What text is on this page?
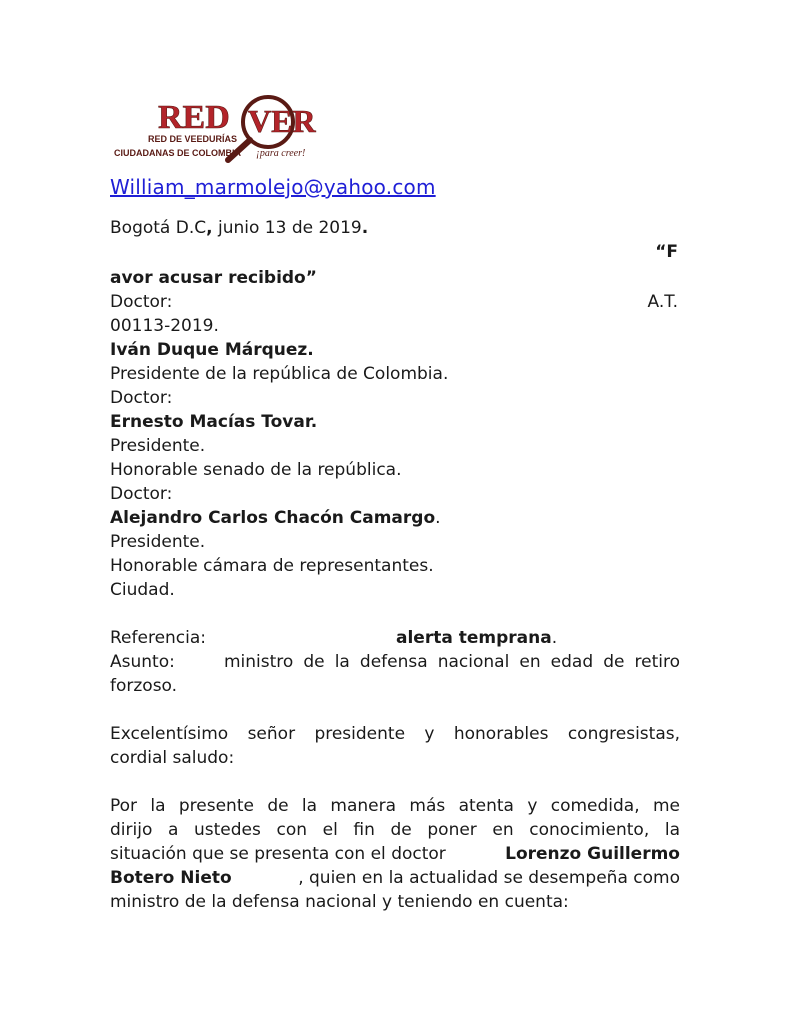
RED VER
RED DE VEEDURÍAS
CIUDADANAS DE COLOMBIA ¡para creer!
William_marmolejo@yahoo.com
Bogotá D.C, junio 13 de 2019.
“F
avor acusar recibido”
Doctor:	A.T.
00113-2019.
Iván Duque Márquez.
Presidente de la república de Colombia.
Doctor:
Ernesto Macías Tovar.
Presidente.
Honorable senado de la república.
Doctor:
Alejandro Carlos Chacón Camargo.
Presidente.
Honorable cámara de representantes.
Ciudad.
Referencia:	alerta temprana.
Asunto:	ministro de la defensa nacional en edad de retiro
forzoso.
Excelentísimo señor presidente y honorables congresistas,
cordial saludo:
Por la presente de la manera más atenta y comedida, me
dirijo a ustedes con el fin de poner en conocimiento, la
situación que se presenta con el doctor	Lorenzo Guillermo
Botero Nieto	, quien en la actualidad se desempeña como
ministro de la defensa nacional y teniendo en cuenta:
